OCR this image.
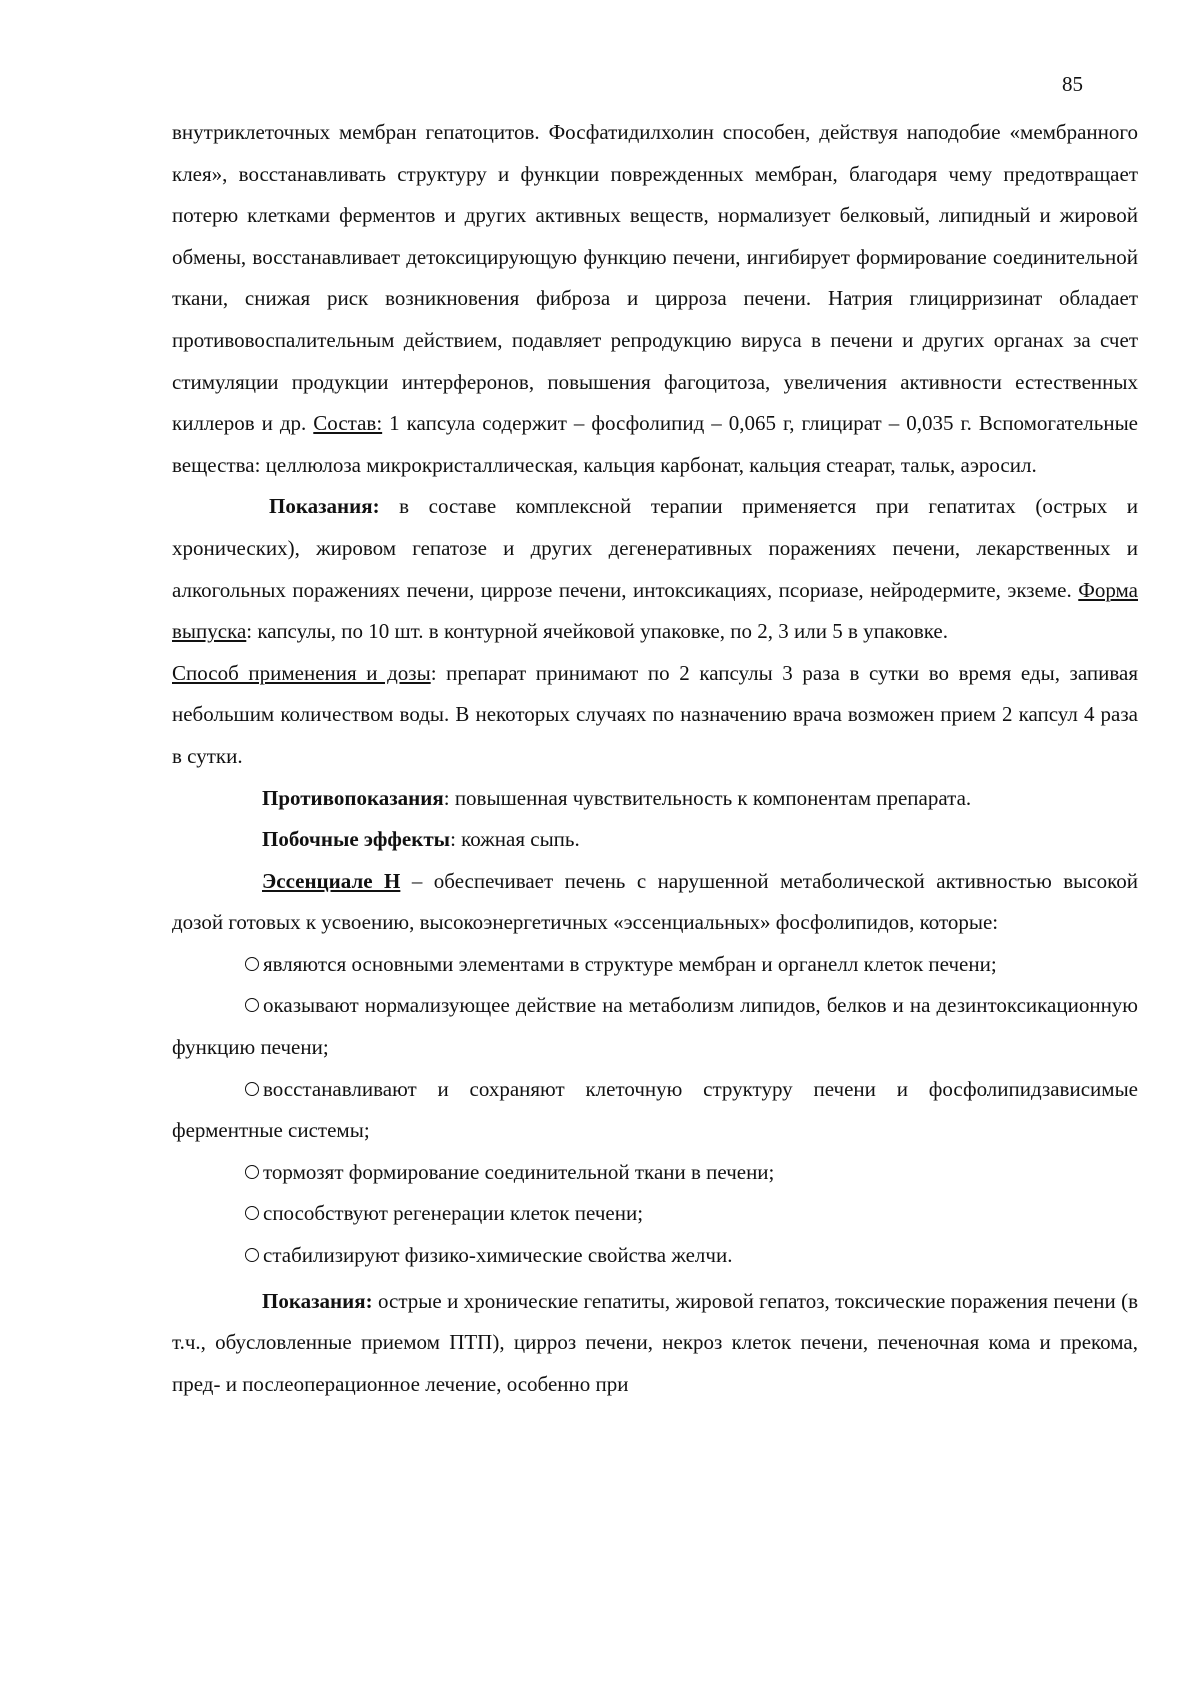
85

внутриклеточных мембран гепатоцитов. Фосфатидилхолин способен, действуя наподобие «мембранного клея», восстанавливать структуру и функции поврежденных мембран, благодаря чему предотвращает потерю клетками ферментов и других активных веществ, нормализует белковый, липидный и жировой обмены, восстанавливает детоксицирующую функцию печени, ингибирует формирование соединительной ткани, снижая риск возникновения фиброза и цирроза печени. Натрия глицирризинат обладает противовоспалительным действием, подавляет репродукцию вируса в печени и других органах за счет стимуляции продукции интерферонов, повышения фагоцитоза, увеличения активности естественных киллеров и др. Состав: 1 капсула содержит – фосфолипид – 0,065 г, глицират – 0,035 г. Вспомогательные вещества: целлюлоза микрокристаллическая, кальция карбонат, кальция стеарат, тальк, аэросил.

Показания: в составе комплексной терапии применяется при гепатитах (острых и хронических), жировом гепатозе и других дегенеративных поражениях печени, лекарственных и алкогольных поражениях печени, циррозе печени, интоксикациях, псориазе, нейродермите, экземе. Форма выпуска: капсулы, по 10 шт. в контурной ячейковой упаковке, по 2, 3 или 5 в упаковке.Способ применения и дозы: препарат принимают по 2 капсулы 3 раза в сутки во время еды, запивая небольшим количеством воды. В некоторых случаях по назначению врача возможен прием 2 капсул 4 раза в сутки.

Противопоказания: повышенная чувствительность к компонентам препарата.

Побочные эффекты: кожная сыпь.

Эссенциале Н – обеспечивает печень с нарушенной метаболической активностью высокой дозой готовых к усвоению, высокоэнергетичных «эссенциальных» фосфолипидов, которые:

являются основными элементами в структуре мембран и органелл клеток печени;

оказывают нормализующее действие на метаболизм липидов, белков и на дезинтоксикационную функцию печени;

восстанавливают и сохраняют клеточную структуру печени и фосфолипидзависимые ферментные системы;

тормозят формирование соединительной ткани в печени;

способствуют регенерации клеток печени;

стабилизируют физико-химические свойства желчи.

Показания: острые и хронические гепатиты, жировой гепатоз, токсические поражения печени (в т.ч., обусловленные приемом ПТП), цирроз печени, некроз клеток печени, печеночная кома и прекома, пред- и послеоперационное лечение, особенно при
